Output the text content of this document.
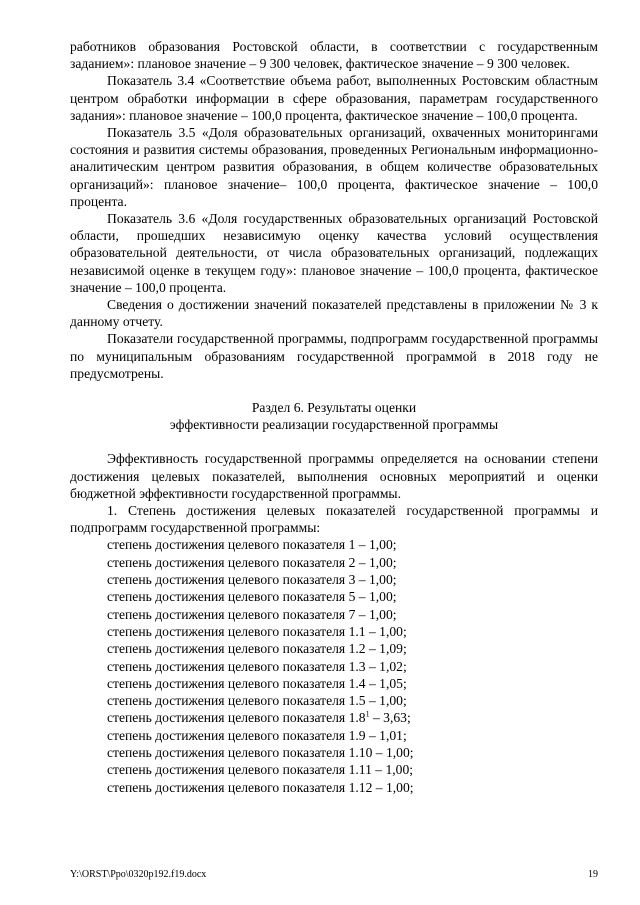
работников образования Ростовской области, в соответствии с государственным заданием»: плановое значение – 9 300 человек, фактическое значение – 9 300 человек.

Показатель 3.4 «Соответствие объема работ, выполненных Ростовским областным центром обработки информации в сфере образования, параметрам государственного задания»: плановое значение – 100,0 процента, фактическое значение – 100,0 процента.

Показатель 3.5 «Доля образовательных организаций, охваченных мониторингами состояния и развития системы образования, проведенных Региональным информационно-аналитическим центром развития образования, в общем количестве образовательных организаций»: плановое значение– 100,0 процента, фактическое значение – 100,0 процента.

Показатель 3.6 «Доля государственных образовательных организаций Ростовской области, прошедших независимую оценку качества условий осуществления образовательной деятельности, от числа образовательных организаций, подлежащих независимой оценке в текущем году»: плановое значение – 100,0 процента, фактическое значение – 100,0 процента.

Сведения о достижении значений показателей представлены в приложении № 3 к данному отчету.

Показатели государственной программы, подпрограмм государственной программы по муниципальным образованиям государственной программой в 2018 году не предусмотрены.

Раздел 6. Результаты оценки

эффективности реализации государственной программы

Эффективность государственной программы определяется на основании степени достижения целевых показателей, выполнения основных мероприятий и оценки бюджетной эффективности государственной программы.

1. Степень достижения целевых показателей государственной программы и подпрограмм государственной программы:

степень достижения целевого показателя 1 – 1,00;

степень достижения целевого показателя 2 – 1,00;

степень достижения целевого показателя 3 – 1,00;

степень достижения целевого показателя 5 – 1,00;

степень достижения целевого показателя 7 – 1,00;

степень достижения целевого показателя 1.1 – 1,00;

степень достижения целевого показателя 1.2 – 1,09;

степень достижения целевого показателя 1.3 – 1,02;

степень достижения целевого показателя 1.4 – 1,05;

степень достижения целевого показателя 1.5 – 1,00;

степень достижения целевого показателя $1.8^1 - 3,63$;

степень достижения целевого показателя 1.9 – 1,01;

степень достижения целевого показателя 1.10 – 1,00;

степень достижения целевого показателя 1.11 – 1,00;

степень достижения целевого показателя 1.12 – 1,00;

Y:\ORST\Ppo\0320p192.f19.docx	19
